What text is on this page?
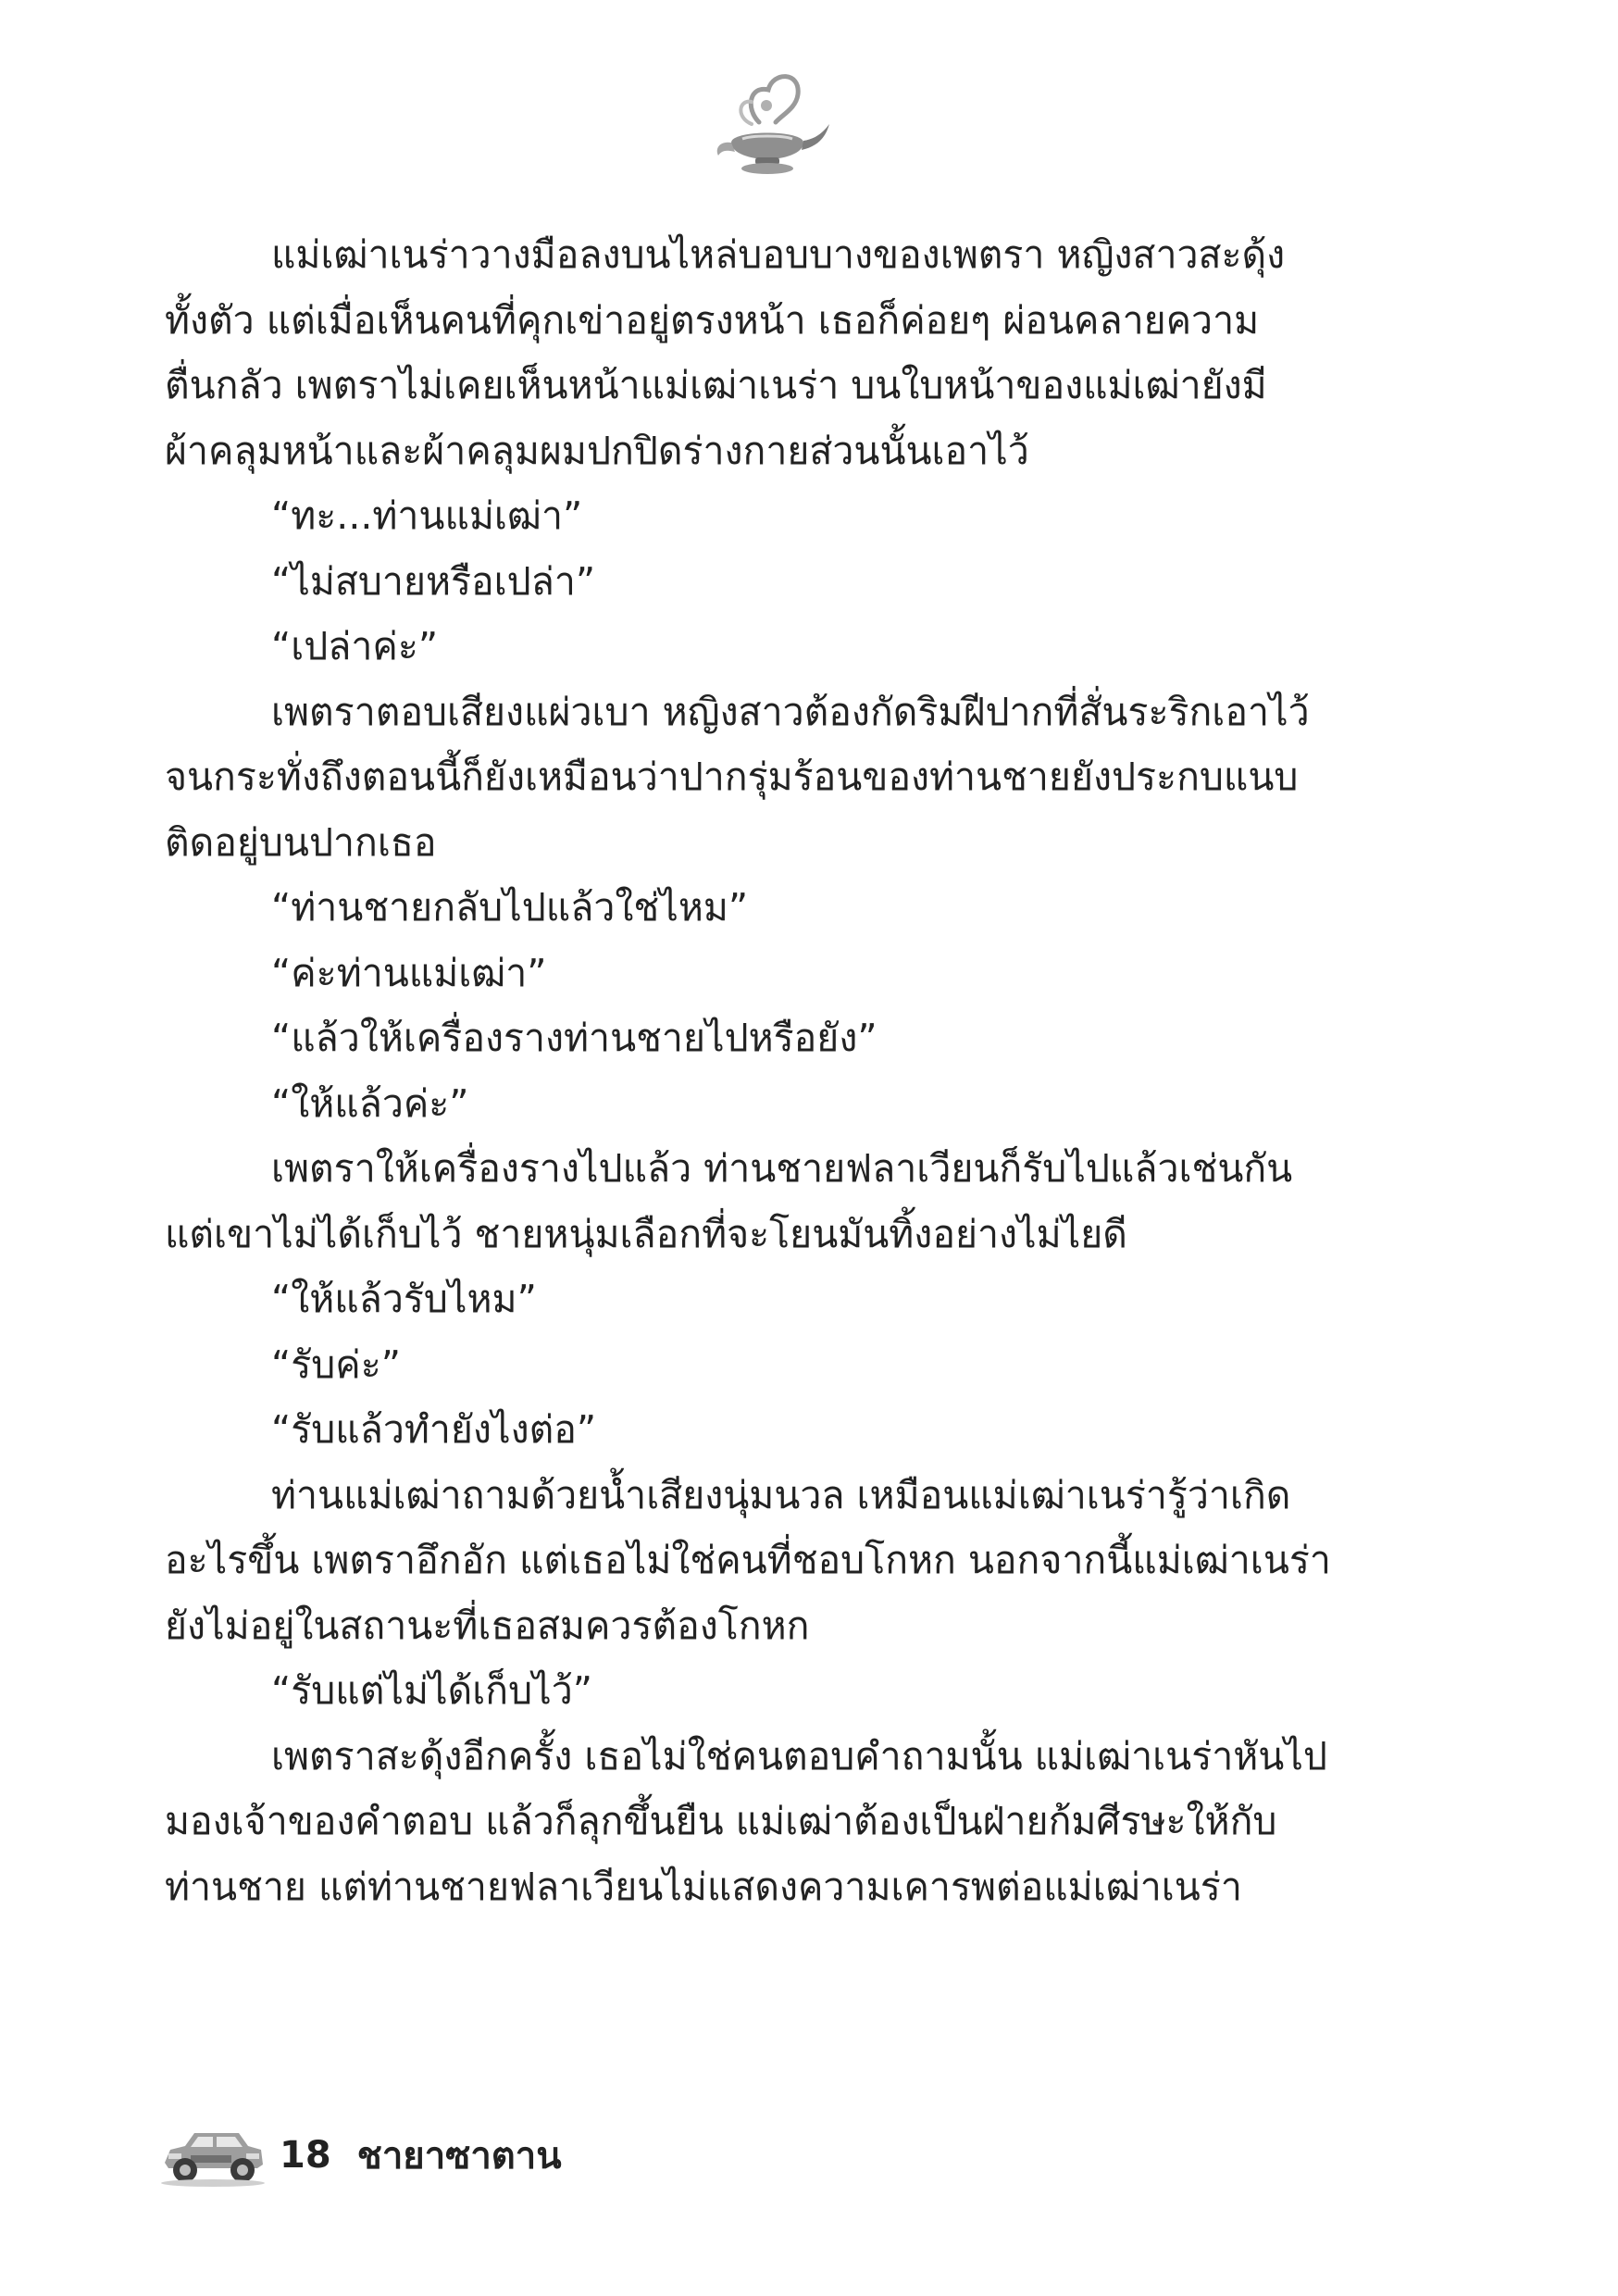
แม่เฒ่าเนร่าวางมือลงบนไหล่บอบบางของเพตรา หญิงสาวสะดุ้ง

ทั้งตัว แต่เมื่อเห็นคนที่คุกเข่าอยู่ตรงหน้า เธอก็ค่อยๆ ผ่อนคลายความ

ตื่นกลัว เพตราไม่เคยเห็นหน้าแม่เฒ่าเนร่า บนใบหน้าของแม่เฒ่ายังมี

ผ้าคลุมหน้าและผ้าคลุมผมปกปิดร่างกายส่วนนั้นเอาไว้

“ทะ...ท่านแม่เฒ่า”

“ไม่สบายหรือเปล่า”

“เปล่าค่ะ”

เพตราตอบเสียงแผ่วเบา หญิงสาวต้องกัดริมฝีปากที่สั่นระริกเอาไว้

จนกระทั่งถึงตอนนี้ก็ยังเหมือนว่าปากรุ่มร้อนของท่านชายยังประกบแนบ

ติดอยู่บนปากเธอ

“ท่านชายกลับไปแล้วใช่ไหม”

“ค่ะท่านแม่เฒ่า”

“แล้วให้เครื่องรางท่านชายไปหรือยัง”

“ให้แล้วค่ะ”

เพตราให้เครื่องรางไปแล้ว ท่านชายฟลาเวียนก็รับไปแล้วเช่นกัน

แต่เขาไม่ได้เก็บไว้ ชายหนุ่มเลือกที่จะโยนมันทิ้งอย่างไม่ไยดี

“ให้แล้วรับไหม”

“รับค่ะ”

“รับแล้วทำยังไงต่อ”

ท่านแม่เฒ่าถามด้วยน้ำเสียงนุ่มนวล เหมือนแม่เฒ่าเนร่ารู้ว่าเกิด

อะไรขึ้น เพตราอึกอัก แต่เธอไม่ใช่คนที่ชอบโกหก นอกจากนี้แม่เฒ่าเนร่า

ยังไม่อยู่ในสถานะที่เธอสมควรต้องโกหก

“รับแต่ไม่ได้เก็บไว้”

เพตราสะดุ้งอีกครั้ง เธอไม่ใช่คนตอบคำถามนั้น แม่เฒ่าเนร่าหันไป

มองเจ้าของคำตอบ แล้วก็ลุกขึ้นยืน แม่เฒ่าต้องเป็นฝ่ายก้มศีรษะให้กับ

ท่านชาย แต่ท่านชายฟลาเวียนไม่แสดงความเคารพต่อแม่เฒ่าเนร่า

18 ชายาซาตาน
